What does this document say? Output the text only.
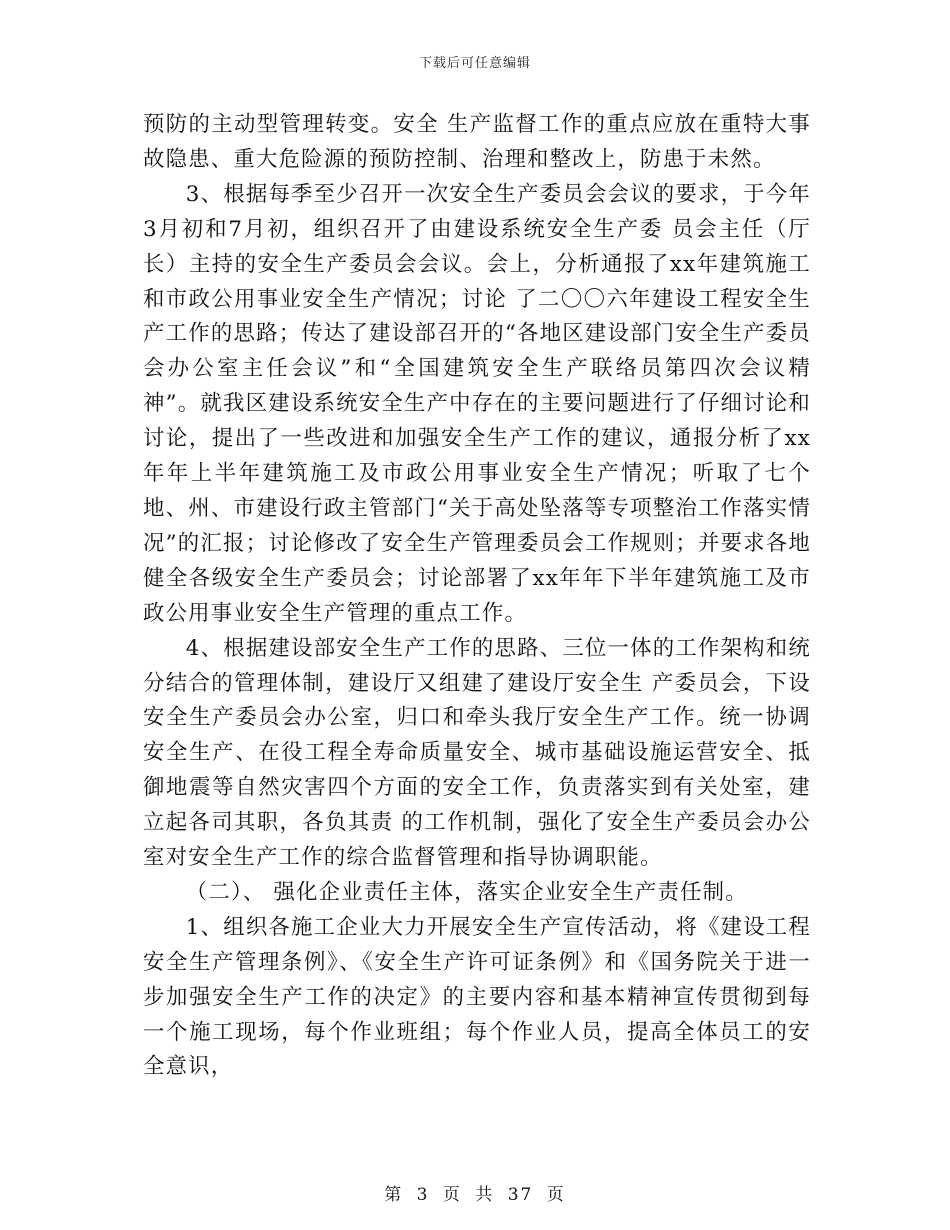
下载后可任意编辑

预防的主动型管理转变。安全 生产监督工作的重点应放在重特大事故隐患、重大危险源的预防控制、治理和整改上，防患于未然。

3、根据每季至少召开一次安全生产委员会会议的要求，于今年3月初和7月初，组织召开了由建设系统安全生产委 员会主任（厅长）主持的安全生产委员会会议。会上，分析通报了xx年建筑施工和市政公用事业安全生产情况；讨论 了二〇〇六年建设工程安全生产工作的思路；传达了建设部召开的“各地区建设部门安全生产委员会办公室主任会议”和“全国建筑安全生产联络员第四次会议精神”。就我区建设系统安全生产中存在的主要问题进行了仔细讨论和讨论，提出了一些改进和加强安全生产工作的建议，通报分析了xx年年上半年建筑施工及市政公用事业安全生产情况；听取了七个地、州、市建设行政主管部门“关于高处坠落等专项整治工作落实情况”的汇报；讨论修改了安全生产管理委员会工作规则；并要求各地健全各级安全生产委员会；讨论部署了xx年年下半年建筑施工及市政公用事业安全生产管理的重点工作。

4、根据建设部安全生产工作的思路、三位一体的工作架构和统分结合的管理体制，建设厅又组建了建设厅安全生 产委员会，下设安全生产委员会办公室，归口和牵头我厅安全生产工作。统一协调安全生产、在役工程全寿命质量安全、城市基础设施运营安全、抵御地震等自然灾害四个方面的安全工作，负责落实到有关处室，建立起各司其职，各负其责 的工作机制，强化了安全生产委员会办公室对安全生产工作的综合监督管理和指导协调职能。

（二）、 强化企业责任主体，落实企业安全生产责任制。

1、组织各施工企业大力开展安全生产宣传活动，将《建设工程安全生产管理条例》、《安全生产许可证条例》和《国务院关于进一步加强安全生产工作的决定》的主要内容和基本精神宣传贯彻到每一个施工现场，每个作业班组；每个作业人员，提高全体员工的安全意识，

第 3 页 共 37 页
